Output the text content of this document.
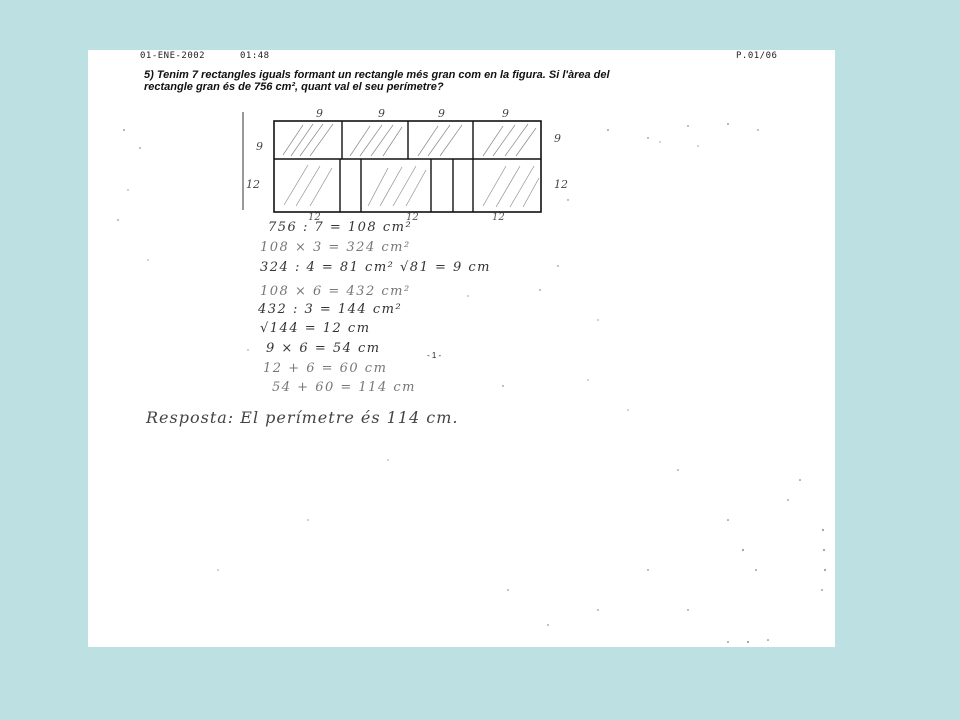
01-ENE-2002	01:48	P.01/06
5) Tenim 7 rectangles iguals formant un rectangle més gran com en la figura. Si l'àrea del
rectangle gran és de 756 cm², quant val el seu perímetre?
9	9	9	9
9
12
9
12
12	12	12
756 : 7 = 108 cm²
108 × 3 = 324 cm²
324 : 4 = 81 cm² √81 = 9 cm
108 × 6 = 432 cm²
432 : 3 = 144 cm²
√144 = 12 cm
9 × 6 = 54 cm
12 + 6 = 60 cm
54 + 60 = 114 cm
- 1 -
Resposta: El perímetre és 114 cm.
